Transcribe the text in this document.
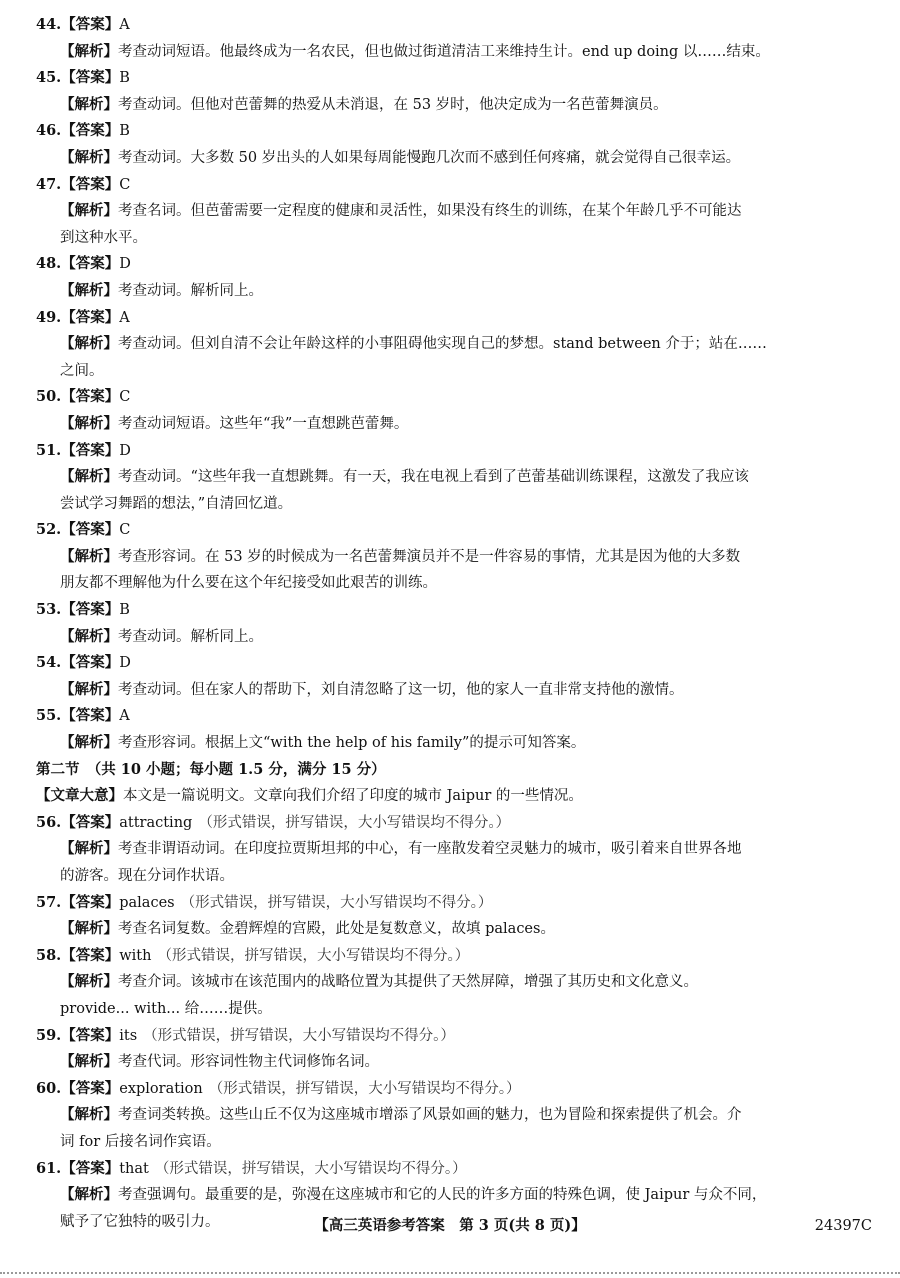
44.【答案】A
【解析】考查动词短语。他最终成为一名农民，但也做过街道清洁工来维持生计。end up doing 以……结束。
45.【答案】B
【解析】考查动词。但他对芭蕾舞的热爱从未消退，在 53 岁时，他决定成为一名芭蕾舞演员。
46.【答案】B
【解析】考查动词。大多数 50 岁出头的人如果每周能慢跑几次而不感到任何疼痛，就会觉得自己很幸运。
47.【答案】C
【解析】考查名词。但芭蕾需要一定程度的健康和灵活性，如果没有终生的训练，在某个年龄几乎不可能达
到这种水平。
48.【答案】D
【解析】考查动词。解析同上。
49.【答案】A
【解析】考查动词。但刘自清不会让年龄这样的小事阻碍他实现自己的梦想。stand between 介于；站在……
之间。
50.【答案】C
【解析】考查动词短语。这些年“我”一直想跳芭蕾舞。
51.【答案】D
【解析】考查动词。“这些年我一直想跳舞。有一天，我在电视上看到了芭蕾基础训练课程，这激发了我应该
尝试学习舞蹈的想法，”自清回忆道。
52.【答案】C
【解析】考查形容词。在 53 岁的时候成为一名芭蕾舞演员并不是一件容易的事情，尤其是因为他的大多数
朋友都不理解他为什么要在这个年纪接受如此艰苦的训练。
53.【答案】B
【解析】考查动词。解析同上。
54.【答案】D
【解析】考查动词。但在家人的帮助下，刘自清忽略了这一切，他的家人一直非常支持他的激情。
55.【答案】A
【解析】考查形容词。根据上文“with the help of his family”的提示可知答案。
第二节　（共 10 小题；每小题 1.5 分，满分 15 分）
【文章大意】本文是一篇说明文。文章向我们介绍了印度的城市 Jaipur 的一些情况。
56.【答案】attracting （形式错误，拼写错误，大小写错误均不得分。）
【解析】考查非谓语动词。在印度拉贾斯坦邦的中心，有一座散发着空灵魅力的城市，吸引着来自世界各地
的游客。现在分词作状语。
57.【答案】palaces （形式错误，拼写错误，大小写错误均不得分。）
【解析】考查名词复数。金碧辉煌的宫殿，此处是复数意义，故填 palaces。
58.【答案】with （形式错误，拼写错误，大小写错误均不得分。）
【解析】考查介词。该城市在该范围内的战略位置为其提供了天然屏障，增强了其历史和文化意义。
provide... with... 给……提供。
59.【答案】its （形式错误，拼写错误，大小写错误均不得分。）
【解析】考查代词。形容词性物主代词修饰名词。
60.【答案】exploration （形式错误，拼写错误，大小写错误均不得分。）
【解析】考查词类转换。这些山丘不仅为这座城市增添了风景如画的魅力，也为冒险和探索提供了机会。介
词 for 后接名词作宾语。
61.【答案】that （形式错误，拼写错误，大小写错误均不得分。）
【解析】考查强调句。最重要的是，弥漫在这座城市和它的人民的许多方面的特殊色调，使 Jaipur 与众不同，
赋予了它独特的吸引力。	【高三英语参考答案　第 3 页(共 8 页)】	24397C
